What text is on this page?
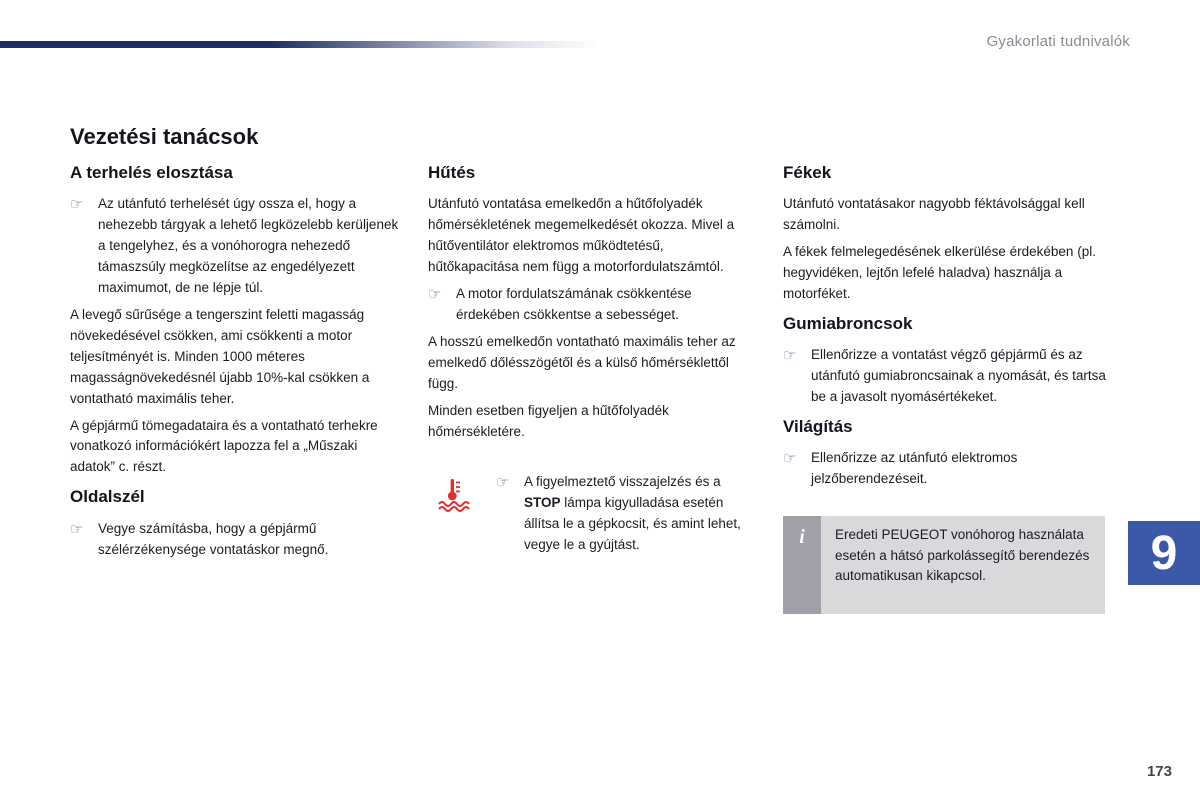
Gyakorlati tudnivalók
Vezetési tanácsok
A terhelés elosztása
☞	Az utánfutó terhelését úgy ossza el, hogy a nehezebb tárgyak a lehető legközelebb kerüljenek a tengelyhez, és a vonóhorogra nehezedő támaszsúly megközelítse az engedélyezett maximumot, de ne lépje túl.

A levegő sűrűsége a tengerszint feletti magasság növekedésével csökken, ami csökkenti a motor teljesítményét is. Minden 1000 méteres magasságnövekedésnél újabb 10%-kal csökken a vontatható maximális teher.

A gépjármű tömegadataira és a vontatható terhekre vonatkozó információkért lapozza fel a „Műszaki adatok” c. részt.

Oldalszél
☞	Vegye számításba, hogy a gépjármű szélérzékenysége vontatáskor megnő.

Hűtés

Utánfutó vontatása emelkedőn a hűtőfolyadék hőmérsékletének megemelkedését okozza. Mivel a hűtőventilátor elektromos működtetésű, hűtőkapacitása nem függ a motorfordulatszámtól.

☞	A motor fordulatszámának csökkentése érdekében csökkentse a sebességet.

A hosszú emelkedőn vontatható maximális teher az emelkedő dőlésszögétől és a külső hőmérséklettől függ.

Minden esetben figyeljen a hűtőfolyadék hőmérsékletére.

☞	A figyelmeztető visszajelzés és a STOP lámpa kigyulladása esetén állítsa le a gépkocsit, és amint lehet, vegye le a gyújtást.

Fékek

Utánfutó vontatásakor nagyobb féktávolsággal kell számolni.

A fékek felmelegedésének elkerülése érdekében (pl. hegyvidéken, lejtőn lefelé haladva) használja a motorféket.

Gumiabroncsok
☞	Ellenőrizze a vontatást végző gépjármű és az utánfutó gumiabroncsainak a nyomását, és tartsa be a javasolt nyomásértékeket.

Világítás
☞	Ellenőrizze az utánfutó elektromos jelzőberendezéseit.

i	Eredeti PEUGEOT vonóhorog használata esetén a hátsó parkolássegítő berendezés automatikusan kikapcsol.	9
173
